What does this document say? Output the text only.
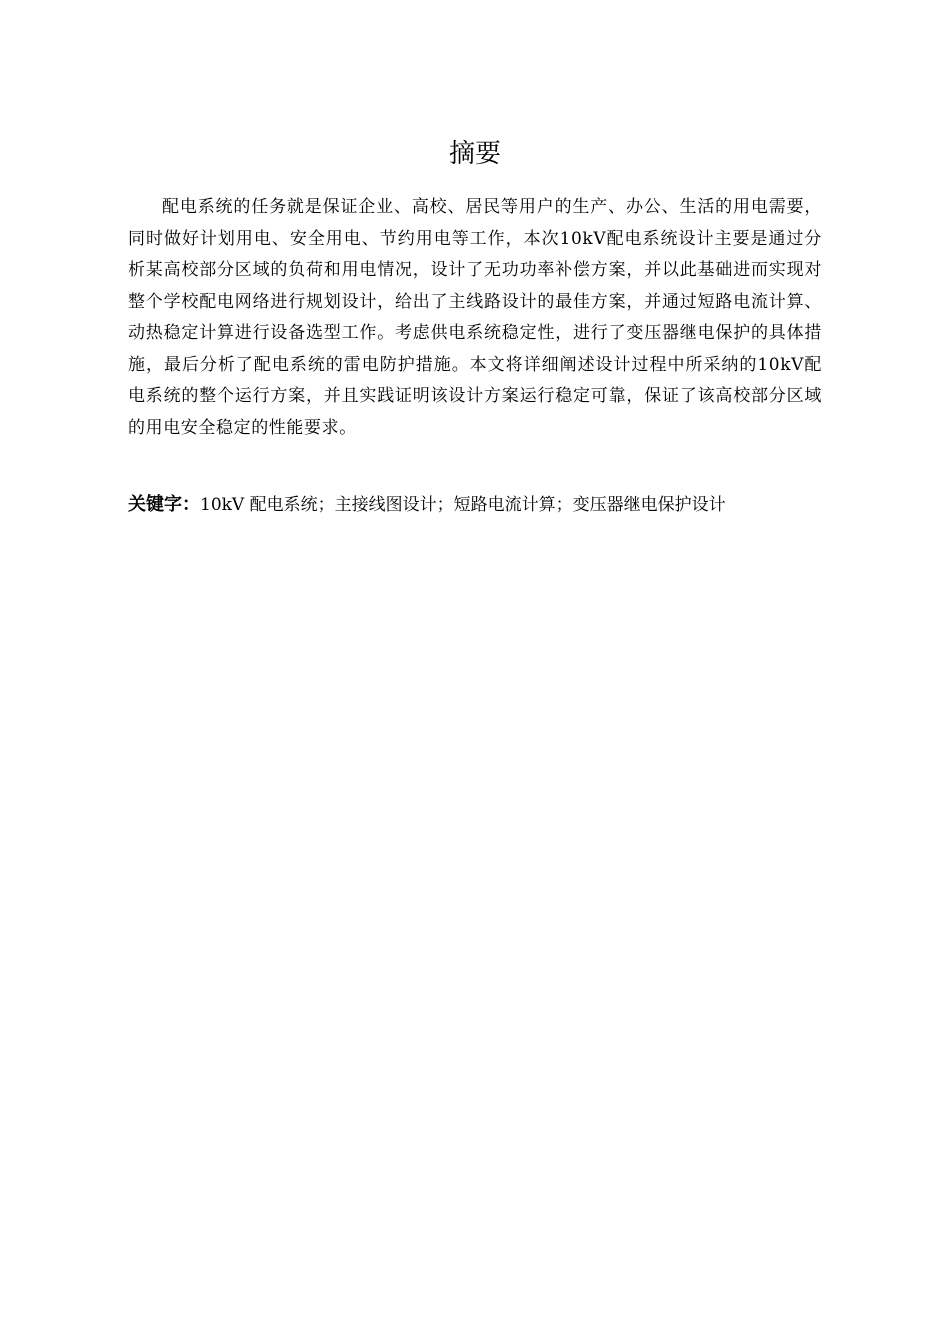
摘要

配电系统的任务就是保证企业、高校、居民等用户的生产、办公、生活的用电需要，同时做好计划用电、安全用电、节约用电等工作，本次10kV配电系统设计主要是通过分析某高校部分区域的负荷和用电情况，设计了无功功率补偿方案，并以此基础进而实现对整个学校配电网络进行规划设计，给出了主线路设计的最佳方案，并通过短路电流计算、动热稳定计算进行设备选型工作。考虑供电系统稳定性，进行了变压器继电保护的具体措施，最后分析了配电系统的雷电防护措施。本文将详细阐述设计过程中所采纳的10kV配电系统的整个运行方案，并且实践证明该设计方案运行稳定可靠，保证了该高校部分区域的用电安全稳定的性能要求。

关键字：10kV 配电系统；主接线图设计；短路电流计算；变压器继电保护设计
